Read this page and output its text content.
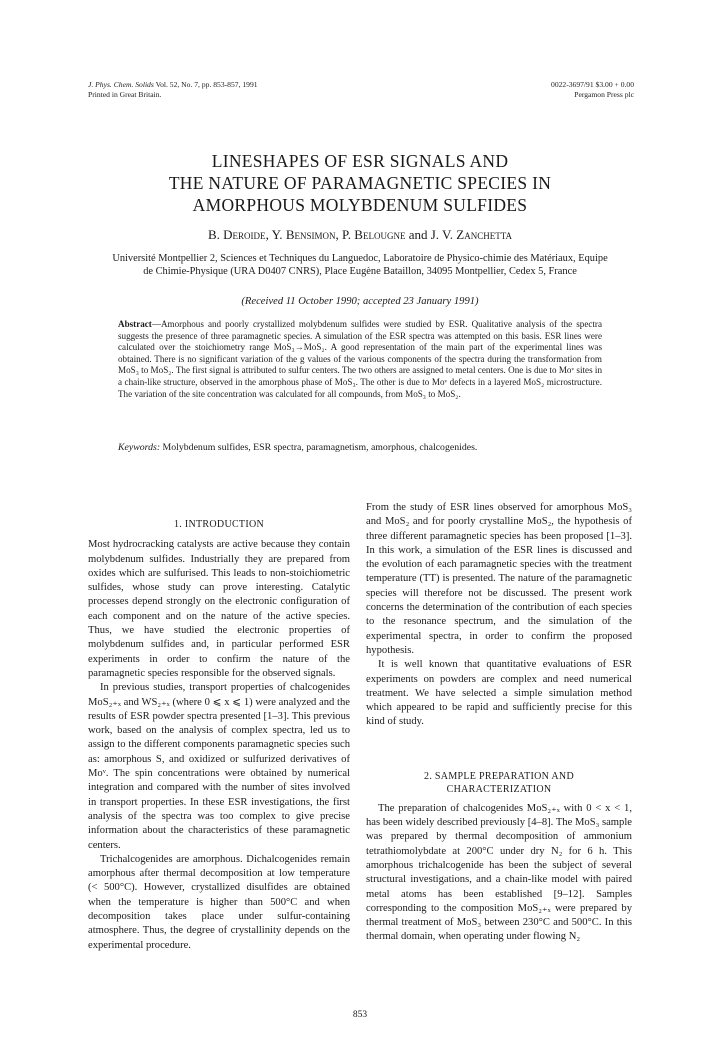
J. Phys. Chem. Solids Vol. 52, No. 7, pp. 853-857, 1991
Printed in Great Britain.
0022-3697/91 $3.00 + 0.00
Pergamon Press plc
LINESHAPES OF ESR SIGNALS AND
THE NATURE OF PARAMAGNETIC SPECIES IN
AMORPHOUS MOLYBDENUM SULFIDES
B. Deroide, Y. Bensimon, P. Belougne and J. V. Zanchetta
Université Montpellier 2, Sciences et Techniques du Languedoc, Laboratoire de Physico-chimie des Matériaux, Equipe de Chimie-Physique (URA D0407 CNRS), Place Eugène Bataillon, 34095 Montpellier, Cedex 5, France
(Received 11 October 1990; accepted 23 January 1991)
Abstract—Amorphous and poorly crystallized molybdenum sulfides were studied by ESR. Qualitative analysis of the spectra suggests the presence of three paramagnetic species. A simulation of the ESR spectra was attempted on this basis. ESR lines were calculated over the stoichiometry range MoS₃→MoS₂. A good representation of the main part of the experimental lines was obtained. There is no significant variation of the g values of the various components of the spectra during the transformation from MoS₃ to MoS₂. The first signal is attributed to sulfur centers. The two others are assigned to metal centers. One is due to Moᵛ sites in a chain-like structure, observed in the amorphous phase of MoS₃. The other is due to Moᵛ defects in a layered MoS₂ microstructure. The variation of the site concentration was calculated for all compounds, from MoS₃ to MoS₂.
Keywords: Molybdenum sulfides, ESR spectra, paramagnetism, amorphous, chalcogenides.
1. INTRODUCTION

Most hydrocracking catalysts are active because they contain molybdenum sulfides. Industrially they are prepared from oxides which are sulfurised. This leads to non-stoichiometric sulfides, whose study can prove interesting. Catalytic processes depend strongly on the electronic configuration of each component and on the nature of the active species. Thus, we have studied the electronic properties of molybdenum sulfides and, in particular performed ESR experiments in order to confirm the nature of the paramagnetic species responsible for the observed signals.

In previous studies, transport properties of chalcogenides MoS₂₊ₓ and WS₂₊ₓ (where 0 ⩽ x ⩽ 1) were analyzed and the results of ESR powder spectra presented [1–3]. This previous work, based on the analysis of complex spectra, led us to assign to the different components paramagnetic species such as: amorphous S, and oxidized or sulfurized derivatives of Moᵛ. The spin concentrations were obtained by numerical integration and compared with the number of sites involved in transport properties. In these ESR investigations, the first analysis of the spectra was too complex to give precise information about the characteristics of these paramagnetic centers.

Trichalcogenides are amorphous. Dichalcogenides remain amorphous after thermal decomposition at low temperature (< 500°C). However, crystallized disulfides are obtained when the temperature is higher than 500°C and when decomposition takes place under sulfur-containing atmosphere. Thus, the degree of crystallinity depends on the experimental procedure.

From the study of ESR lines observed for amorphous MoS₃ and MoS₂ and for poorly crystalline MoS₂, the hypothesis of three different paramagnetic species has been proposed [1–3]. In this work, a simulation of the ESR lines is discussed and the evolution of each paramagnetic species with the treatment temperature (TT) is presented. The nature of the paramagnetic species will therefore not be discussed. The present work concerns the determination of the contribution of each species to the resonance spectrum, and the simulation of the experimental spectra, in order to confirm the proposed hypothesis.

It is well known that quantitative evaluations of ESR experiments on powders are complex and need numerical treatment. We have selected a simple simulation method which appeared to be rapid and sufficiently precise for this kind of study.

2. SAMPLE PREPARATION AND
CHARACTERIZATION

The preparation of chalcogenides MoS₂₊ₓ with 0 < x < 1, has been widely described previously [4–8]. The MoS₃ sample was prepared by thermal decomposition of ammonium tetrathiomolybdate at 200°C under dry N₂ for 6 h. This amorphous trichalcogenide has been the subject of several structural investigations, and a chain-like model with paired metal atoms has been established [9–12]. Samples corresponding to the composition MoS₂₊ₓ were prepared by thermal treatment of MoS₃ between 230°C and 500°C. In this thermal domain, when operating under flowing N₂

853
